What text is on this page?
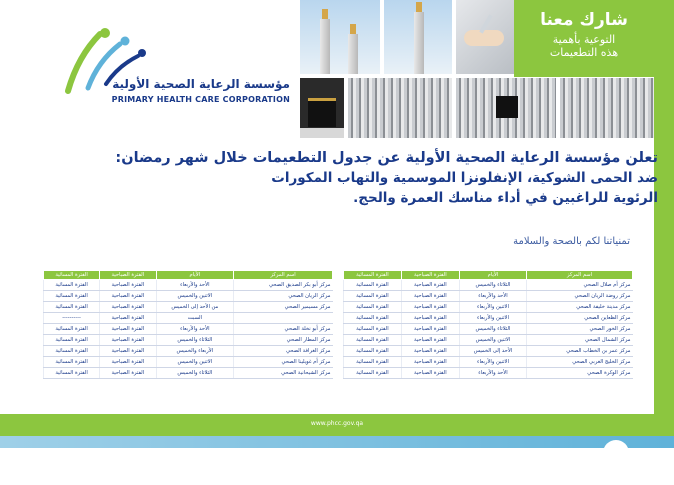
مؤسسة الرعاية الصحية الأولية
PRIMARY HEALTH CARE CORPORATION
شارك معنا
التوعية بأهمية
هذه التطعيمات
تعلن مؤسسة الرعاية الصحية الأولية عن جدول التطعيمات خلال شهر رمضان:
ضد الحمى الشوكية، الإنفلونزا الموسمية والتهاب المكورات
الرئوية للراغبين في أداء مناسك العمرة والحج.
تمنياتنا لكم بالصحة والسلامة
اسم المركز	الأيام	الفترة الصباحية	الفترة المسائية
مركز أم صلال الصحي	الثلاثاء والخميس	الفترة الصباحية	الفترة المسائية
مركز روضة الريان الصحي	الأحد والأربعاء	الفترة الصباحية	الفترة المسائية
مركز مدينة خليفة الصحي	الاثنين والأربعاء	الفترة الصباحية	الفترة المسائية
مركز الظعاين الصحي	الاثنين والأربعاء	الفترة الصباحية	الفترة المسائية
مركز الخور الصحي	الثلاثاء والخميس	الفترة الصباحية	الفترة المسائية
مركز الشمال الصحي	الاثنين والخميس	الفترة الصباحية	الفترة المسائية
مركز عمر بن الخطاب الصحي	الأحد إلى الخميس	الفترة الصباحية	الفترة المسائية
مركز الخليج الغربي الصحي	الاثنين والأربعاء	الفترة الصباحية	الفترة المسائية
مركز الوكرة الصحي	الأحد والأربعاء	الفترة الصباحية	الفترة المسائية
اسم المركز	الأيام	الفترة الصباحية	الفترة المسائية
مركز أبو بكر الصديق الصحي	الأحد والأربعاء	الفترة الصباحية	الفترة المسائية
مركز الريان الصحي	الاثنين والخميس	الفترة الصباحية	الفترة المسائية
مركز مسيمير الصحي	من الأحد إلى الخميس	الفترة الصباحية	الفترة المسائية
	السبت	الفترة الصباحية	----------
مركز أبو نخلة الصحي	الأحد والأربعاء	الفترة الصباحية	الفترة المسائية
مركز المطار الصحي	الثلاثاء والخميس	الفترة الصباحية	الفترة المسائية
مركز الغرافة الصحي	الأربعاء والخميس	الفترة الصباحية	الفترة المسائية
مركز أم غويلينا الصحي	الاثنين والخميس	الفترة الصباحية	الفترة المسائية
مركز الشيحانية الصحي	الثلاثاء والخميس	الفترة الصباحية	الفترة المسائية
www.phcc.gov.qa
